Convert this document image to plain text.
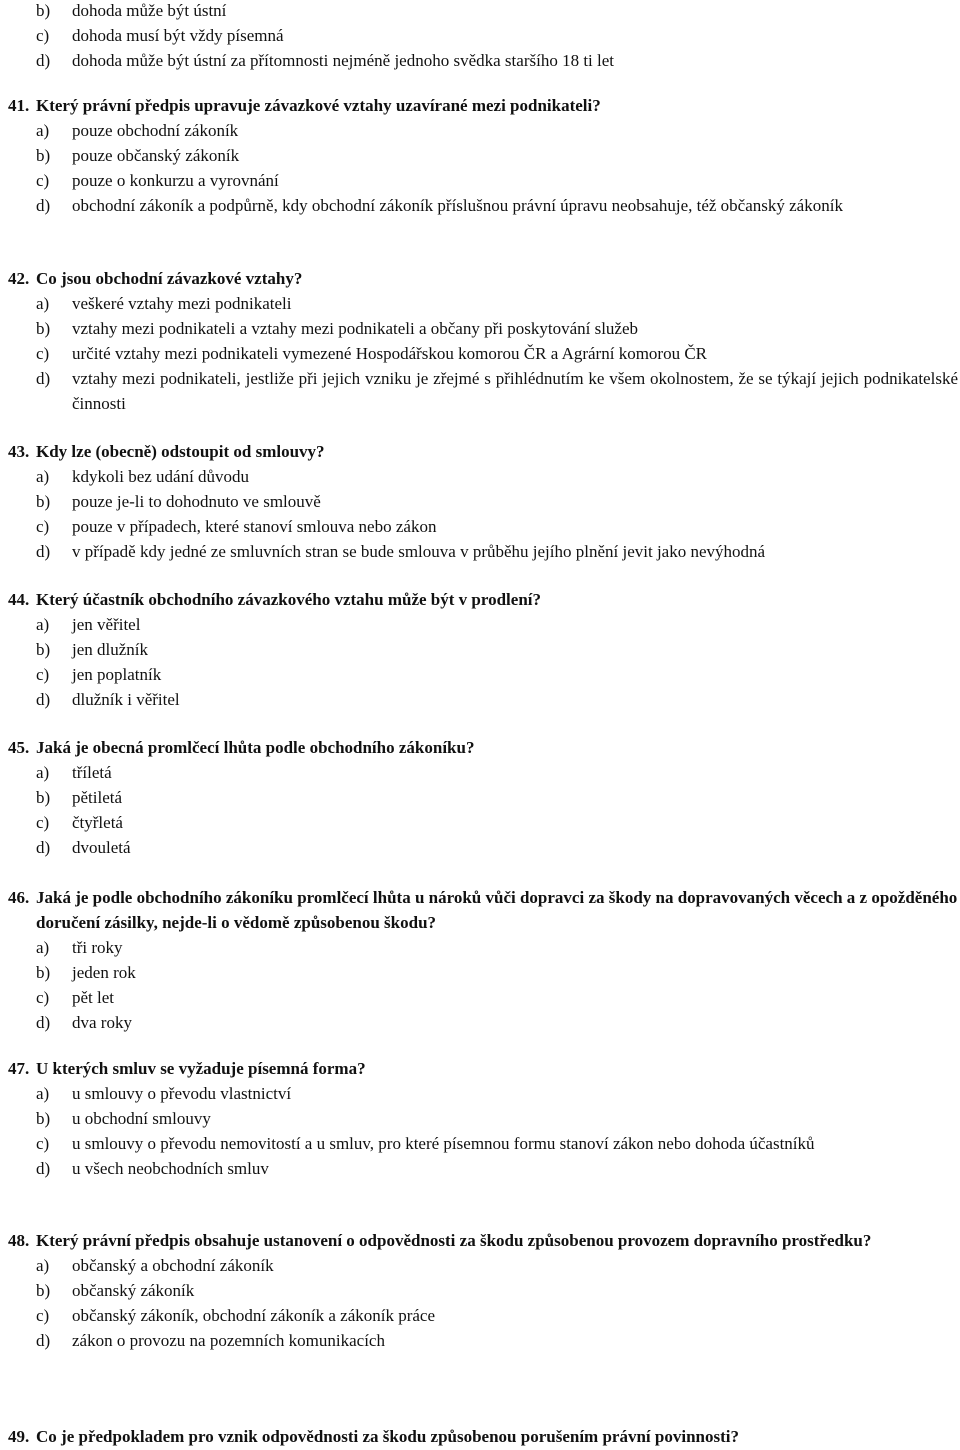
b)	dohoda může být ústní
c)	dohoda musí být vždy písemná
d)	dohoda může být ústní za přítomnosti nejméně jednoho svědka staršího 18 ti let
41. Který právní předpis upravuje závazkové vztahy uzavírané mezi podnikateli?
a)	pouze obchodní zákoník
b)	pouze občanský zákoník
c)	pouze o konkurzu a vyrovnání
d)	obchodní zákoník a podpůrně, kdy obchodní zákoník příslušnou právní úpravu neobsahuje, též občanský zákoník
42. Co jsou obchodní závazkové vztahy?
a)	veškeré vztahy mezi podnikateli
b)	vztahy mezi podnikateli a vztahy mezi podnikateli a občany při poskytování služeb
c)	určité vztahy mezi podnikateli vymezené Hospodářskou komorou ČR a Agrární komorou ČR
d)	vztahy mezi podnikateli, jestliže při jejich vzniku je zřejmé s přihlédnutím ke všem okolnostem, že se týkají jejich podnikatelské činnosti
43. Kdy lze (obecně) odstoupit od smlouvy?
a)	kdykoli bez udání důvodu
b)	pouze je-li to dohodnuto ve smlouvě
c)	pouze v případech, které stanoví smlouva nebo zákon
d)	v případě kdy jedné ze smluvních stran se bude smlouva v průběhu jejího plnění jevit jako nevýhodná
44. Který účastník obchodního závazkového vztahu může být v prodlení?
a)	jen věřitel
b)	jen dlužník
c)	jen poplatník
d)	dlužník i věřitel
45. Jaká je obecná promlčecí lhůta podle obchodního zákoníku?
a)	tříletá
b)	pětiletá
c)	čtyřletá
d)	dvouletá
46. Jaká je podle obchodního zákoníku promlčecí lhůta u nároků vůči dopravci za škody na dopravovaných věcech a z opožděného doručení zásilky, nejde-li o vědomě způsobenou škodu?
a)	tři roky
b)	jeden rok
c)	pět let
d)	dva roky
47. U kterých smluv se vyžaduje písemná forma?
a)	u smlouvy o převodu vlastnictví
b)	u obchodní smlouvy
c)	u smlouvy o převodu nemovitostí a u smluv, pro které písemnou formu stanoví zákon nebo dohoda účastníků
d)	u všech neobchodních smluv
48. Který právní předpis obsahuje ustanovení o odpovědnosti za škodu způsobenou provozem dopravního prostředku?
a)	občanský a obchodní zákoník
b)	občanský zákoník
c)	občanský zákoník, obchodní zákoník a zákoník práce
d)	zákon o provozu na pozemních komunikacích
49. Co je předpokladem pro vznik odpovědnosti za škodu způsobenou porušením právní povinnosti?
